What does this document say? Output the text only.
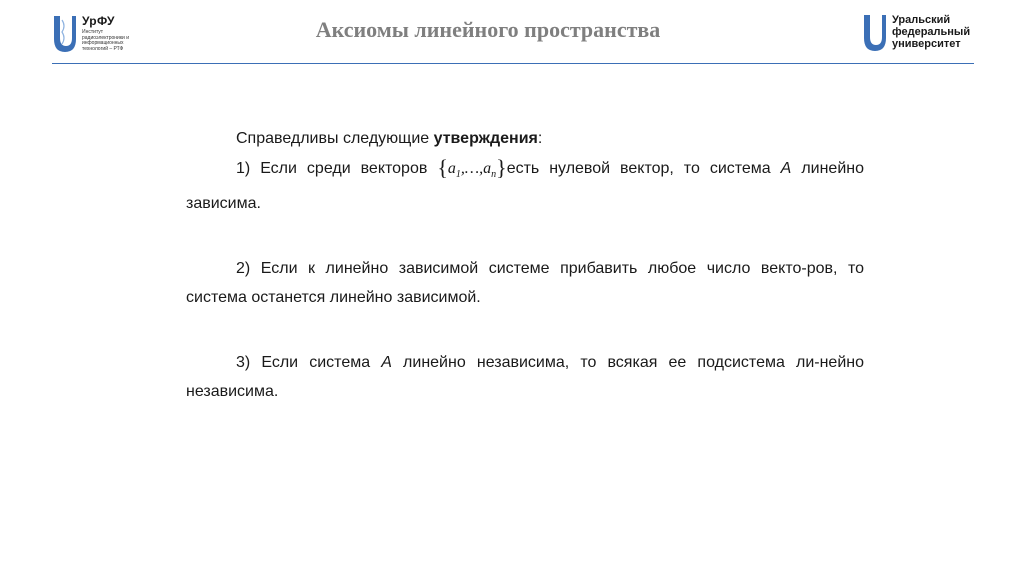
УрФУ
Институт радиоэлектроники и информационных технологий – РТФ
Аксиомы линейного пространства	Уральский
федеральный
университет

Справедливы следующие утверждения:

1) Если среди векторов $\{a_1,\dots,a_n\}есть$ нулевой вектор, то система A линейно зависима.

2) Если к линейно зависимой системе прибавить любое число векто-ров, то система останется линейно зависимой.

3) Если система A линейно независима, то всякая ее подсистема ли-нейно независима.
